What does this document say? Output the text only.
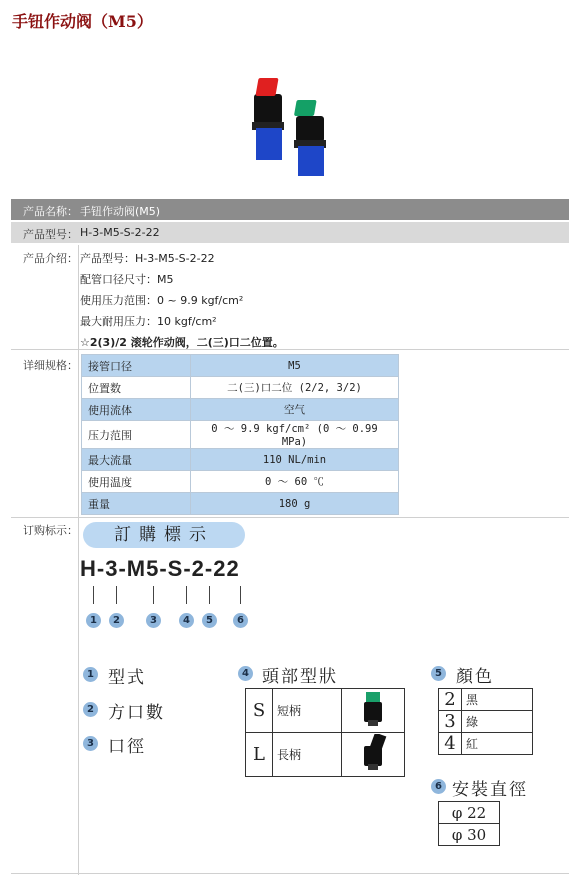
手钮作动阀（M5）
产品名称： 手钮作动阀(M5)
产品型号： H-3-M5-S-2-22
产品介绍： 产品型号：H-3-M5-S-2-22
配管口径尺寸：M5
使用压力范围：0 ~ 9.9 kgf/cm²
最大耐用压力：10 kgf/cm²
☆2(3)/2 滚轮作动阀，二(三)口二位置。
详细规格： 接管口径	M5
位置数	二(三)口二位 (2/2, 3/2)
使用流体	空气
压力范围	0 ～ 9.9 kgf/cm² (0 ～ 0.99 MPa)
最大流量	110 NL/min
使用温度	0 ～ 60 ℃
重量	180 g
订购标示：	訂購標示
H-3-M5-S-2-22
1	2	3	4	5	6
1 型式
2 方口數
3 口徑
4 頭部型狀
S	短柄	
L	長柄	
5 顏色
2	黑
3	綠
4	紅
6 安裝直徑
φ 22
φ 30
